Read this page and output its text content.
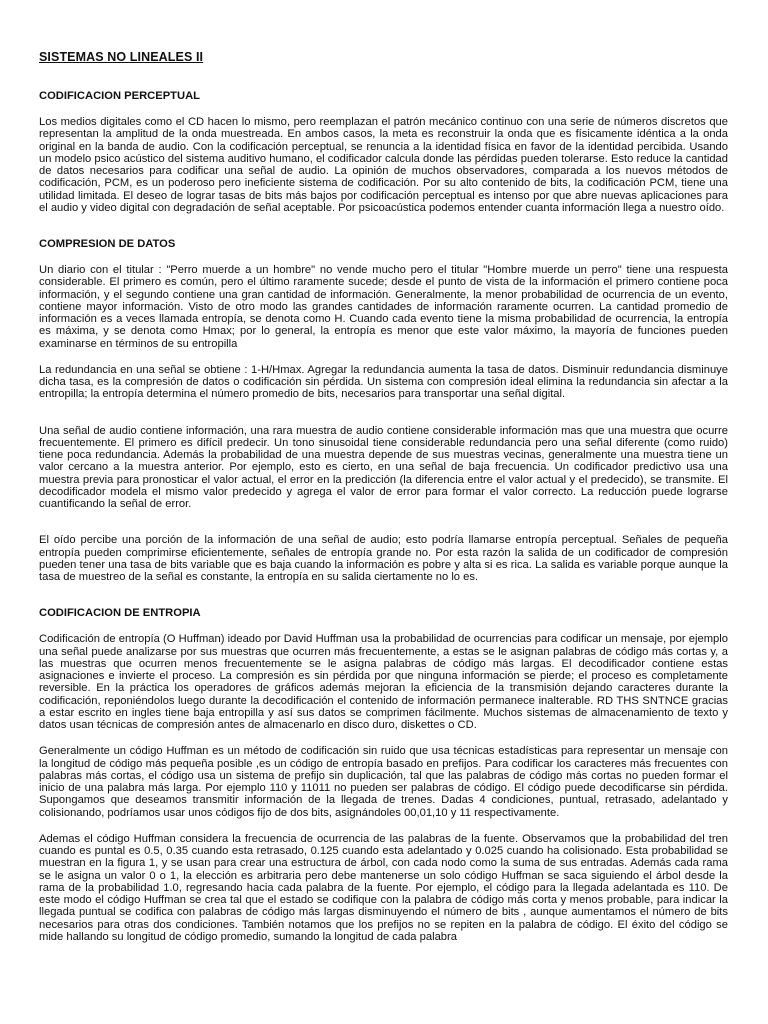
SISTEMAS NO LINEALES II
CODIFICACION PERCEPTUAL

Los medios digitales como el CD hacen lo mismo, pero reemplazan el patrón mecánico continuo con una serie de números discretos que representan la amplitud de la onda muestreada. En ambos casos, la meta es reconstruir la onda que es físicamente idéntica a la onda original en la banda de audio. Con la codificación perceptual, se renuncia a la identidad física en favor de la identidad percibida. Usando un modelo psico acústico del sistema auditivo humano, el codificador calcula donde las pérdidas pueden tolerarse. Esto reduce la cantidad de datos necesarios para codificar una señal de audio. La opinión de muchos observadores, comparada a los nuevos métodos de codificación, PCM, es un poderoso pero ineficiente sistema de codificación. Por su alto contenido de bits, la codificación PCM, tiene una utilidad limitada. El deseo de lograr tasas de bits más bajos por codificación perceptual es intenso por que abre nuevas aplicaciones para el audio y video digital con degradación de señal aceptable. Por psicoacústica podemos entender cuanta información llega a nuestro oído.

COMPRESION DE DATOS

Un diario con el titular : "Perro muerde a un hombre" no vende mucho pero el titular "Hombre muerde un perro" tiene una respuesta considerable. El primero es común, pero el último raramente sucede; desde el punto de vista de la información el primero contiene poca información, y el segundo contiene una gran cantidad de información. Generalmente, la menor probabilidad de ocurrencia de un evento, contiene mayor información. Visto de otro modo las grandes cantidades de información raramente ocurren. La cantidad promedio de información es a veces llamada entropía, se denota como H. Cuando cada evento tiene la misma probabilidad de ocurrencia, la entropía es máxima, y se denota como Hmax; por lo general, la entropía es menor que este valor máximo, la mayoría de funciones pueden examinarse en términos de su entropilla

La redundancia en una señal se obtiene : 1-H/Hmax. Agregar la redundancia aumenta la tasa de datos. Disminuir redundancia disminuye dicha tasa, es la compresión de datos o codificación sin pérdida. Un sistema con compresión ideal elimina la redundancia sin afectar a la entropilla; la entropía determina el número promedio de bits, necesarios para transportar una señal digital.

Una señal de audio contiene información, una rara muestra de audio contiene considerable información mas que una muestra que ocurre frecuentemente. El primero es difícil predecir. Un tono sinusoidal tiene considerable redundancia pero una señal diferente (como ruido) tiene poca redundancia. Además la probabilidad de una muestra depende de sus muestras vecinas, generalmente una muestra tiene un valor cercano a la muestra anterior. Por ejemplo, esto es cierto, en una señal de baja frecuencia. Un codificador predictivo usa una muestra previa para pronosticar el valor actual, el error en la predicción (la diferencia entre el valor actual y el predecido), se transmite. El decodificador modela el mismo valor predecido y agrega el valor de error para formar el valor correcto. La reducción puede lograrse cuantificando la señal de error.

El oído percibe una porción de la información de una señal de audio; esto podría llamarse entropía perceptual. Señales de pequeña entropía pueden comprimirse eficientemente, señales de entropía grande no. Por esta razón la salida de un codificador de compresión pueden tener una tasa de bits variable que es baja cuando la información es pobre y alta si es rica. La salida es variable porque aunque la tasa de muestreo de la señal es constante, la entropía en su salida ciertamente no lo es.

CODIFICACION DE ENTROPIA

Codificación de entropía (O Huffman) ideado por David Huffman usa la probabilidad de ocurrencias para codificar un mensaje, por ejemplo una señal puede analizarse por sus muestras que ocurren más frecuentemente, a estas se le asignan palabras de código más cortas y, a las muestras que ocurren menos frecuentemente se le asigna palabras de código más largas. El decodificador contiene estas asignaciones e invierte el proceso. La compresión es sin pérdida por que ninguna información se pierde; el proceso es completamente reversible. En la práctica los operadores de gráficos además mejoran la eficiencia de la transmisión dejando caracteres durante la codificación, reponiéndolos luego durante la decodificación el contenido de información permanece inalterable. RD THS SNTNCE gracias a estar escrito en ingles tiene baja entropilla y así sus datos se comprimen fácilmente. Muchos sistemas de almacenamiento de texto y datos usan técnicas de compresión antes de almacenarlo en disco duro, diskettes o CD.

Generalmente un código Huffman es un método de codificación sin ruido que usa técnicas estadísticas para representar un mensaje con la longitud de código más pequeña posible ,es un código de entropía basado en prefijos. Para codificar los caracteres más frecuentes con palabras más cortas, el código usa un sistema de prefijo sin duplicación, tal que las palabras de código más cortas no pueden formar el inicio de una palabra más larga. Por ejemplo 110 y 11011 no pueden ser palabras de código. El código puede decodificarse sin pérdida. Supongamos que deseamos transmitir información de la llegada de trenes. Dadas 4 condiciones, puntual, retrasado, adelantado y colisionando, podríamos usar unos códigos fijo de dos bits, asignándoles 00,01,10 y 11 respectivamente.

Ademas el código Huffman considera la frecuencia de ocurrencia de las palabras de la fuente. Observamos que la probabilidad del tren cuando es puntal es 0.5, 0.35 cuando esta retrasado, 0.125 cuando esta adelantado y 0.025 cuando ha colisionado. Esta probabilidad se muestran en la figura 1, y se usan para crear una estructura de árbol, con cada nodo como la suma de sus entradas. Además cada rama se le asigna un valor 0 o 1, la elección es arbitraria pero debe mantenerse un solo código Huffman se saca siguiendo el árbol desde la rama de la probabilidad 1.0, regresando hacia cada palabra de la fuente. Por ejemplo, el código para la llegada adelantada es 110. De este modo el código Huffman se crea tal que el estado se codifique con la palabra de código más corta y menos probable, para indicar la llegada puntual se codifica con palabras de código más largas disminuyendo el número de bits , aunque aumentamos el número de bits necesarios para otras dos condiciones. También notamos que los prefijos no se repiten en la palabra de código. El éxito del código se mide hallando su longitud de código promedio, sumando la longitud de cada palabra
